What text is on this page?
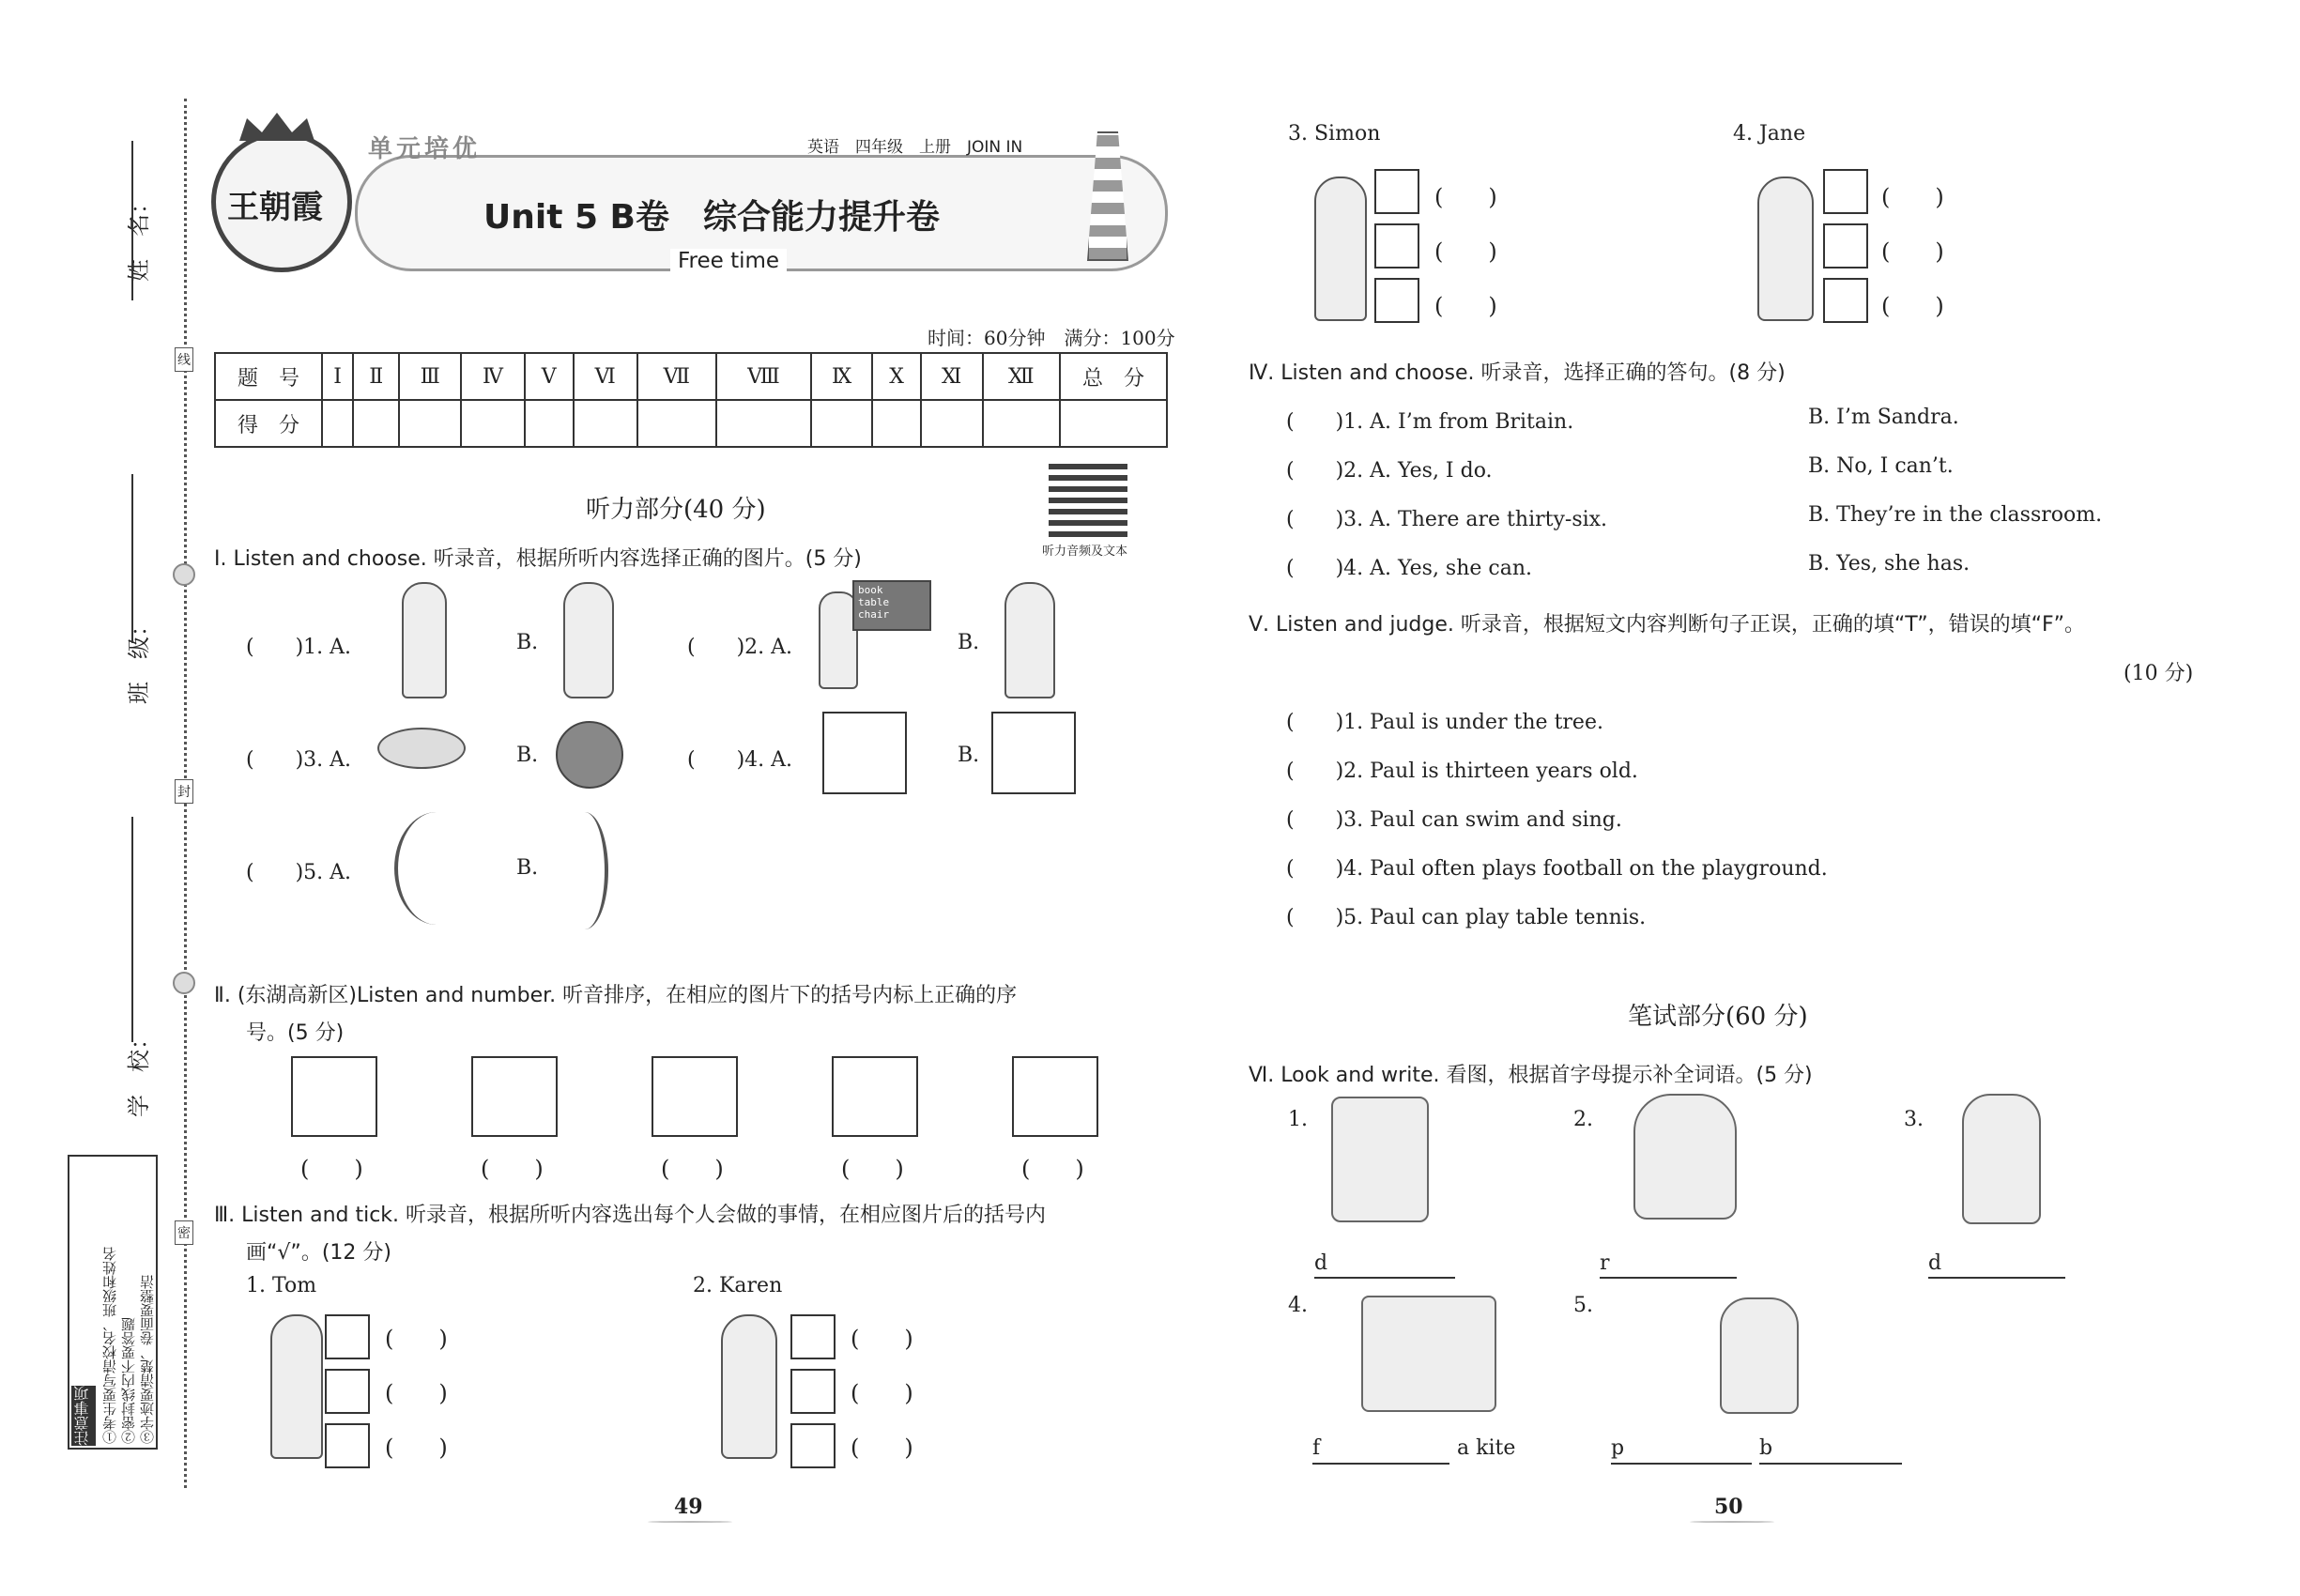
姓　名：
班　级：
学　校：
线
封
密
注意事项 ①考生要写清校名、班级和姓名 ②密封线内不要答题 ③字迹要清楚、卷面要整洁
王朝霞
单元培优	英语　四年级　上册　JOIN IN
Unit 5 B卷　综合能力提升卷
Free time
时间：60分钟　满分：100分
题　号	Ⅰ	Ⅱ	Ⅲ	Ⅳ	Ⅴ	Ⅵ	Ⅶ	Ⅷ	Ⅸ	Ⅹ	Ⅺ	Ⅻ	总　分
得　分													
听力音频及文本
听力部分(40 分)
Ⅰ. Listen and choose. 听录音，根据所听内容选择正确的图片。(5 分)
(　　)1. A.	B.	(　　)2. A.
book
table
chair
B.
(　　)3. A.	B.	(　　)4. A.	B.
(　　)5. A.	B.
Ⅱ. (东湖高新区)Listen and number. 听音排序，在相应的图片下的括号内标上正确的序
号。(5 分)
(　　)	(　　)	(　　)	(　　)	(　　)
Ⅲ. Listen and tick. 听录音，根据所听内容选出每个人会做的事情，在相应图片后的括号内
画“√”。(12 分)
1. Tom
(　　)
(　　)
(　　)
2. Karen
(　　)
(　　)
(　　)
3. Simon
(　　)
(　　)
(　　)
4. Jane
(　　)
(　　)
(　　)
Ⅳ. Listen and choose. 听录音，选择正确的答句。(8 分)
(　　)1. A. I’m from Britain.	B. I’m Sandra.
(　　)2. A. Yes, I do.	B. No, I can’t.
(　　)3. A. There are thirty-six.	B. They’re in the classroom.
(　　)4. A. Yes, she can.	B. Yes, she has.
Ⅴ. Listen and judge. 听录音，根据短文内容判断句子正误，正确的填“T”，错误的填“F”。
(10 分)
(　　)1. Paul is under the tree.
(　　)2. Paul is thirteen years old.
(　　)3. Paul can swim and sing.
(　　)4. Paul often plays football on the playground.
(　　)5. Paul can play table tennis.
笔试部分(60 分)
Ⅵ. Look and write. 看图，根据首字母提示补全词语。(5 分)
1.
d
2.
r
3.
d
4.
f	a kite
5.
p	b
49	50
